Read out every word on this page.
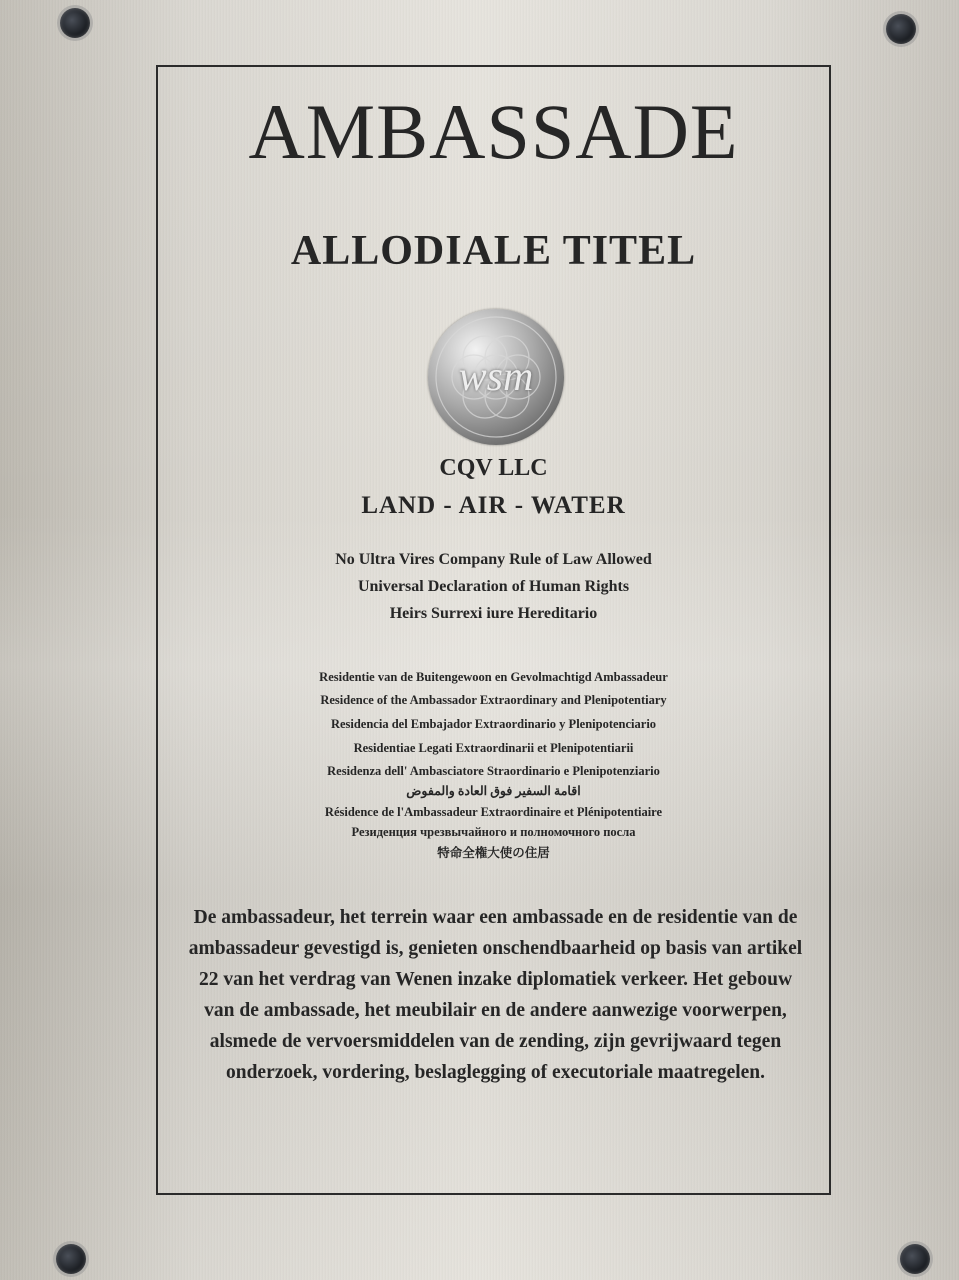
AMBASSADE
ALLODIALE TITEL
wsm
CQV LLC
LAND - AIR - WATER
No Ultra Vires Company Rule of Law Allowed
Universal Declaration of Human Rights
Heirs Surrexi iure Hereditario
Residentie van de Buitengewoon en Gevolmachtigd Ambassadeur
Residence of the Ambassador Extraordinary and Plenipotentiary
Residencia del Embajador Extraordinario y Plenipotenciario
Residentiae Legati Extraordinarii et Plenipotentiarii
Residenza dell' Ambasciatore Straordinario e Plenipotenziario
اقامة السفير فوق العادة والمفوض
Résidence de l'Ambassadeur Extraordinaire et Plénipotentiaire
Резиденция чрезвычайного и полномочного посла
特命全権大使の住居

De ambassadeur, het terrein waar een ambassade en de residentie van de ambassadeur gevestigd is, genieten onschendbaarheid op basis van artikel 22 van het verdrag van Wenen inzake diplomatiek verkeer. Het gebouw van de ambassade, het meubilair en de andere aanwezige voorwerpen, alsmede de vervoersmiddelen van de zending, zijn gevrijwaard tegen onderzoek, vordering, beslaglegging of executoriale maatregelen.
